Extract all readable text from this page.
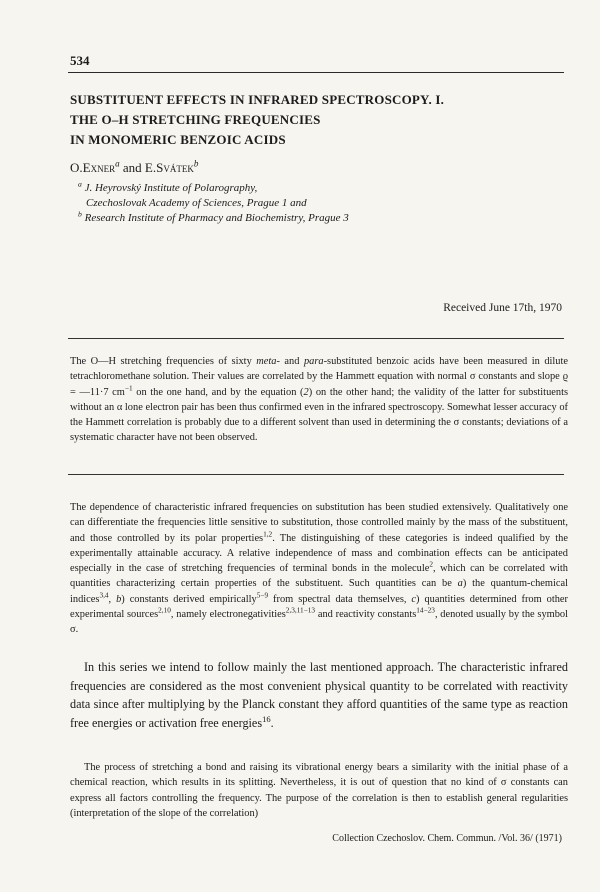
534
SUBSTITUENT EFFECTS IN INFRARED SPECTROSCOPY. I.
THE O–H STRETCHING FREQUENCIES
IN MONOMERIC BENZOIC ACIDS
O.Exner$^a$ and E.Svátek$^b$
$^a$ J. Heyrovský Institute of Polarography,
Czechoslovak Academy of Sciences, Prague 1 and
$^b$ Research Institute of Pharmacy and Biochemistry, Prague 3
Received June 17th, 1970
The O—H stretching frequencies of sixty meta- and para-substituted benzoic acids have been measured in dilute tetrachloromethane solution. Their values are correlated by the Hammett equation with normal σ constants and slope ϱ = —11·7 $cm^{-1}$ on the one hand, and by the equation (2) on the other hand; the validity of the latter for substituents without an α lone electron pair has been thus confirmed even in the infrared spectroscopy. Somewhat lesser accuracy of the Hammett correlation is probably due to a different solvent than used in determining the σ constants; deviations of a systematic character have not been observed.
The dependence of characteristic infrared frequencies on substitution has been studied extensively. Qualitatively one can differentiate the frequencies little sensitive to substitution, those controlled mainly by the mass of the substituent, and those controlled by its polar properties$^{1,2}$. The distinguishing of these categories is indeed qualified by the experimentally attainable accuracy. A relative independence of mass and combination effects can be anticipated especially in the case of stretching frequencies of terminal bonds in the molecule$^2$, which can be correlated with quantities characterizing certain properties of the substituent. Such quantities can be a) the quantum-chemical indices$^{3,4}$, b) constants derived empirically$^{5-9}$ from spectral data themselves, c) quantities determined from other experimental sources$^{2,10}$, namely electronegativities$^{2,3,11-13}$ and reactivity constants$^{14-23}$, denoted usually by the symbol σ.
In this series we intend to follow mainly the last mentioned approach. The characteristic infrared frequencies are considered as the most convenient physical quantity to be correlated with reactivity data since after multiplying by the Planck constant they afford quantities of the same type as reaction free energies or activation free energies$^{16}$.
The process of stretching a bond and raising its vibrational energy bears a similarity with the initial phase of a chemical reaction, which results in its splitting. Nevertheless, it is out of question that no kind of σ constants can express all factors controlling the frequency. The purpose of the correlation is then to establish general regularities (interpretation of the slope of the correlation)
Collection Czechoslov. Chem. Commun. /Vol. 36/ (1971)
